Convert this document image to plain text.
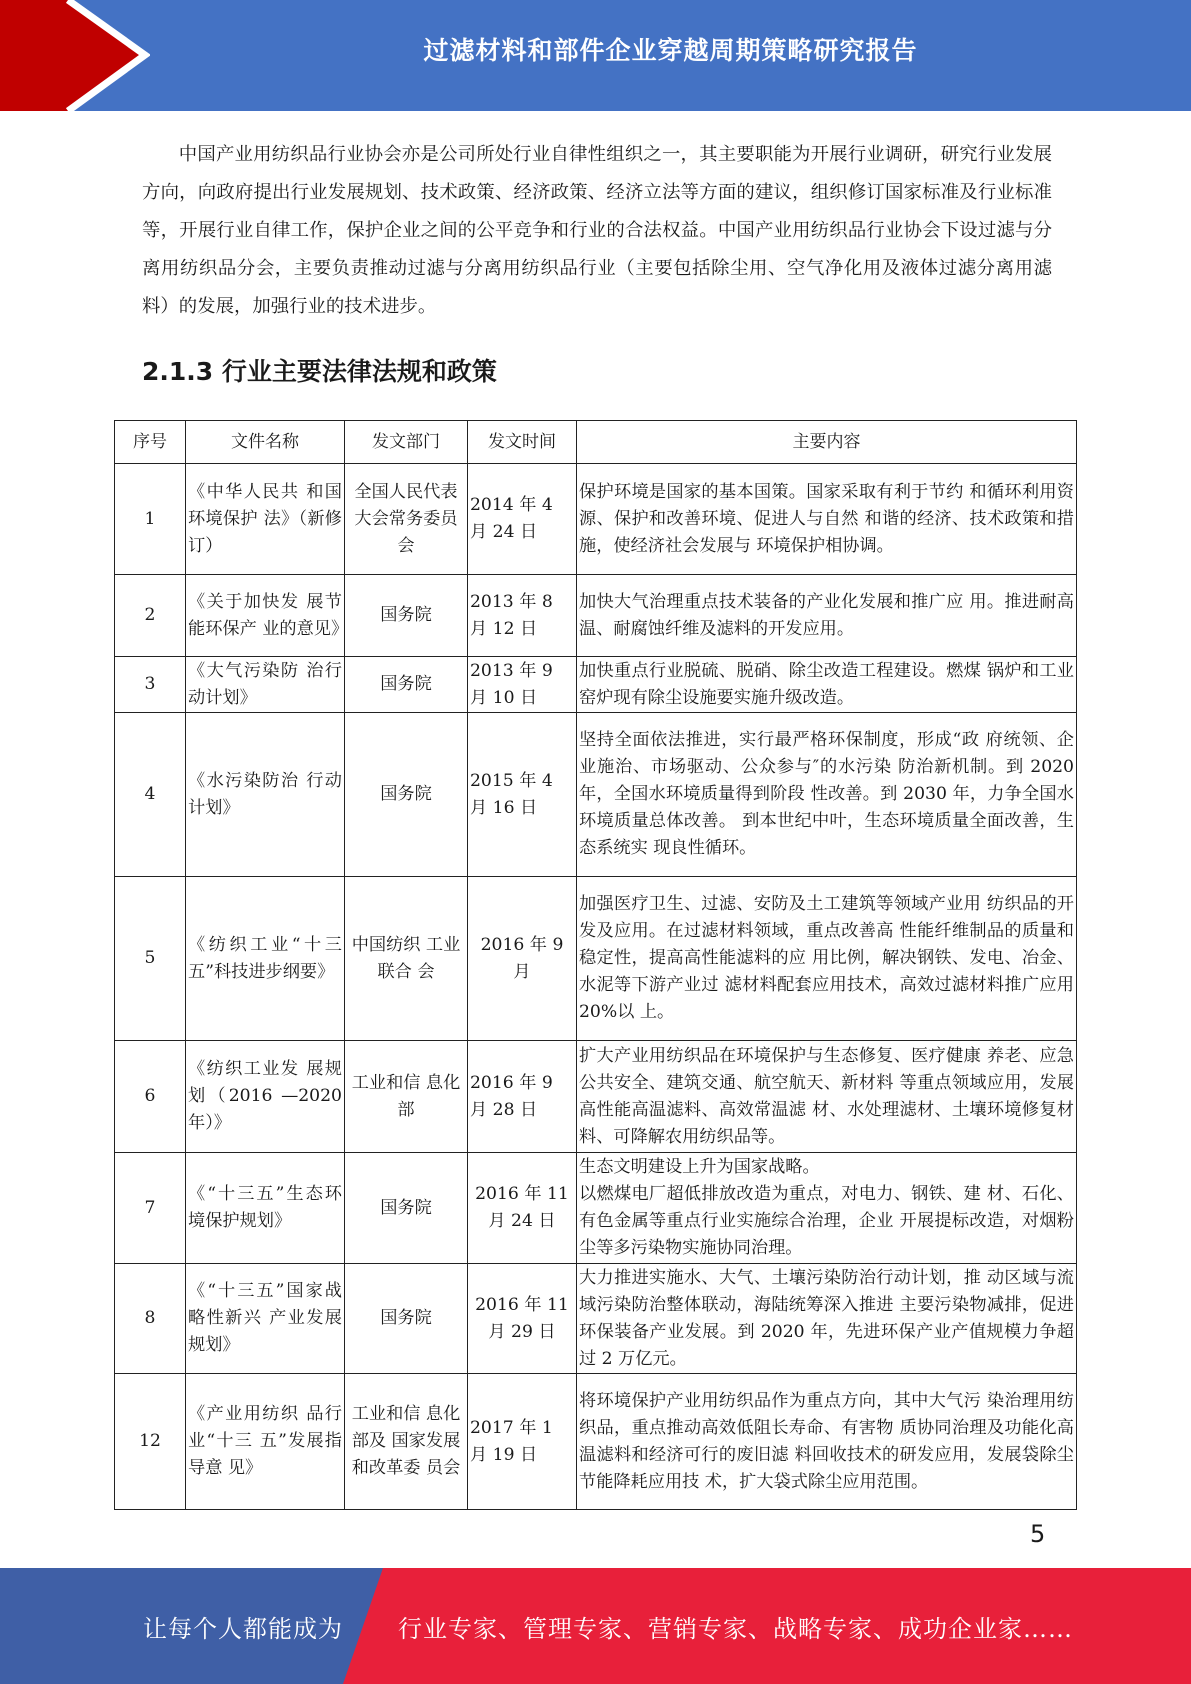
过滤材料和部件企业穿越周期策略研究报告

中国产业用纺织品行业协会亦是公司所处行业自律性组织之一，其主要职能为开展行业调研，研究行业发展方向，向政府提出行业发展规划、技术政策、经济政策、经济立法等方面的建议，组织修订国家标准及行业标准等，开展行业自律工作，保护企业之间的公平竞争和行业的合法权益。中国产业用纺织品行业协会下设过滤与分离用纺织品分会，主要负责推动过滤与分离用纺织品行业（主要包括除尘用、空气净化用及液体过滤分离用滤料）的发展，加强行业的技术进步。

2.1.3 行业主要法律法规和政策
序号	文件名称	发文部门	发文时间	主要内容
1	《中华人民共 和国环境保护 法》（新修订）	全国人民代表大会常务委员会	2014 年 4 月 24 日	保护环境是国家的基本国策。国家采取有利于节约 和循环利用资源、保护和改善环境、促进人与自然 和谐的经济、技术政策和措施，使经济社会发展与 环境保护相协调。
2	《关于加快发 展节能环保产 业的意见》	国务院	2013 年 8 月 12 日	加快大气治理重点技术装备的产业化发展和推广应 用。推进耐高温、耐腐蚀纤维及滤料的开发应用。
3	《大气污染防 治行动计划》	国务院	2013 年 9 月 10 日	加快重点行业脱硫、脱硝、除尘改造工程建设。燃煤 锅炉和工业窑炉现有除尘设施要实施升级改造。
4	《水污染防治 行动计划》	国务院	2015 年 4 月 16 日	坚持全面依法推进，实行最严格环保制度，形成“政 府统领、企业施治、市场驱动、公众参与″的水污染 防治新机制。到 2020 年，全国水环境质量得到阶段 性改善。到 2030 年，力争全国水环境质量总体改善。 到本世纪中叶，生态环境质量全面改善，生态系统实 现良性循环。
5	《纺织工业“十三五”科技进步纲要》	中国纺织 工业联合 会	2016 年 9 月	加强医疗卫生、过滤、安防及土工建筑等领域产业用 纺织品的开发及应用。在过滤材料领域，重点改善高 性能纤维制品的质量和稳定性，提高高性能滤料的应 用比例，解决钢铁、发电、冶金、水泥等下游产业过 滤材料配套应用技术，高效过滤材料推广应用 20%以 上。
6	《纺织工业发 展规划（2016 —2020 年）》	工业和信 息化部	2016 年 9 月 28 日	扩大产业用纺织品在环境保护与生态修复、医疗健康 养老、应急公共安全、建筑交通、航空航天、新材料 等重点领域应用，发展高性能高温滤料、高效常温滤 材、水处理滤材、土壤环境修复材料、可降解农用纺织品等。
7	《“十三五”生态环境保护规划》	国务院	2016 年 11 月 24 日	生态文明建设上升为国家战略。
以燃煤电厂超低排放改造为重点，对电力、钢铁、建 材、石化、有色金属等重点行业实施综合治理，企业 开展提标改造，对烟粉尘等多污染物实施协同治理。
8	《“十三五”国家战略性新兴 产业发展规划》	国务院	2016 年 11 月 29 日	大力推进实施水、大气、土壤污染防治行动计划，推 动区域与流域污染防治整体联动，海陆统筹深入推进 主要污染物减排，促进环保装备产业发展。到 2020 年，先进环保产业产值规模力争超过 2 万亿元。
12	《产业用纺织 品行业“十三 五”发展指导意 见》	工业和信 息化部及 国家发展 和改革委 员会	2017 年 1 月 19 日	将环境保护产业用纺织品作为重点方向，其中大气污 染治理用纺织品，重点推动高效低阻长寿命、有害物 质协同治理及功能化高温滤料和经济可行的废旧滤 料回收技术的研发应用，发展袋除尘节能降耗应用技 术，扩大袋式除尘应用范围。
5
让每个人都能成为 行业专家、管理专家、营销专家、战略专家、成功企业家……
